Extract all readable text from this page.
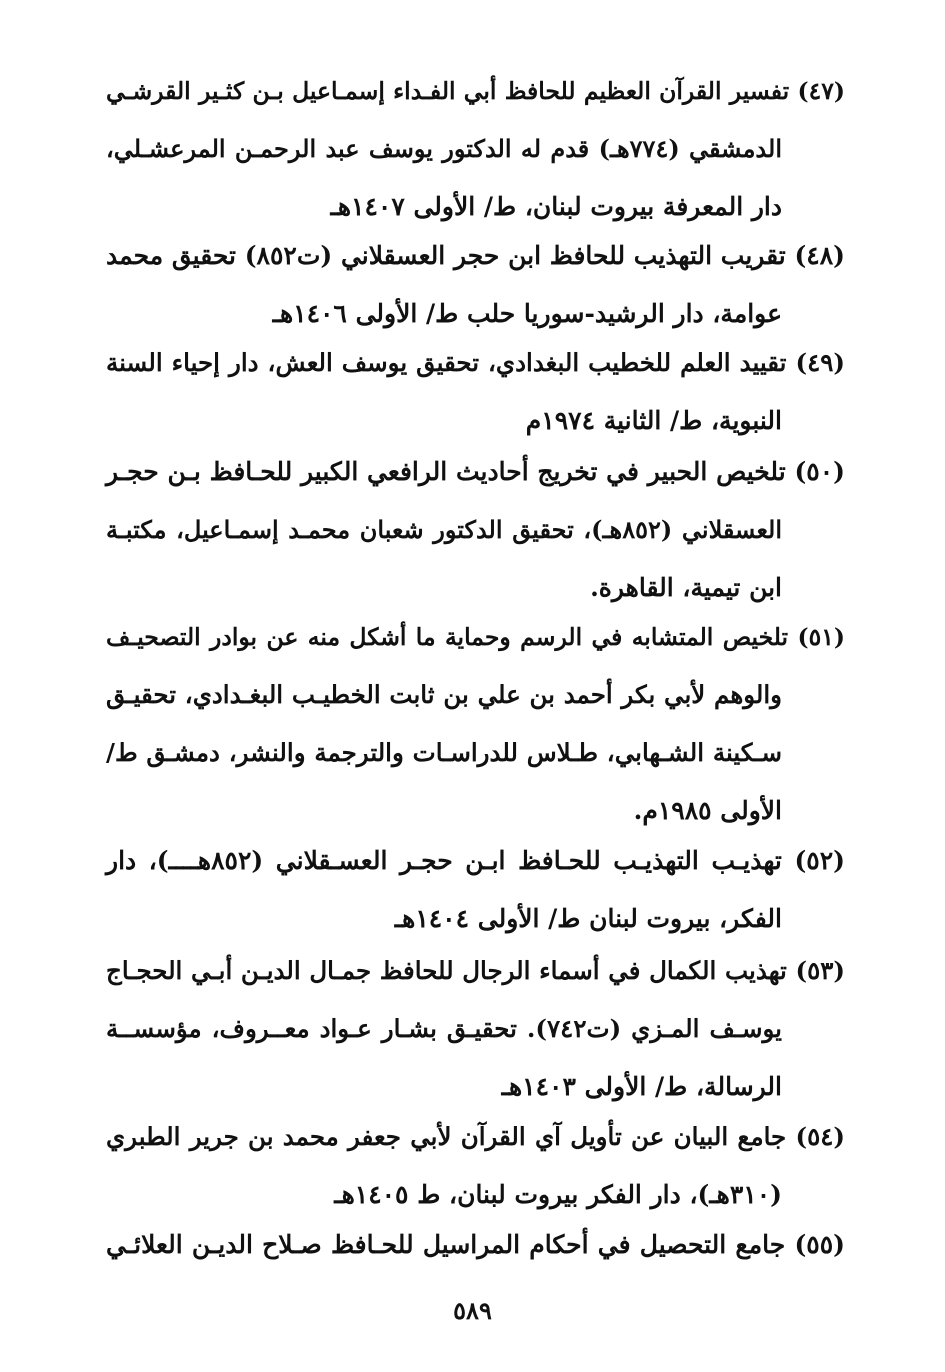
(٤٧) تفسير القرآن العظيم للحافظ أبي الفـداء إسمـاعيل بـن كثـير القرشـي
الدمشقي (٧٧٤هـ) قدم له الدكتور يوسف عبد الرحمـن المرعشـلي،
دار المعرفة بيروت لبنان، ط/ الأولى ١٤٠٧هـ
(٤٨) تقريب التهذيب للحافظ ابن حجر العسقلاني (ت٨٥٢) تحقيق محمد
عوامة، دار الرشيد-سوريا حلب ط/ الأولى ١٤٠٦هـ
(٤٩) تقييد العلم للخطيب البغدادي، تحقيق يوسف العش، دار إحياء السنة
النبوية، ط/ الثانية ١٩٧٤م
(٥٠) تلخيص الحبير في تخريج أحاديث الرافعي الكبير للحـافظ بـن حجـر
العسقلاني (٨٥٢هـ)، تحقيق الدكتور شعبان محمـد إسمـاعيل، مكتبـة
ابن تيمية، القاهرة.
(٥١) تلخيص المتشابه في الرسم وحماية ما أشكل منه عن بوادر التصحيـف
والوهم لأبي بكر أحمد بن علي بن ثابت الخطيـب البغـدادي، تحقيـق
سـكينة الشـهابي، طـلاس للدراسـات والترجمة والنشر، دمشـق ط/
الأولى ١٩٨٥م.
(٥٢) تهذيـب التهذيـب للحـافظ ابـن حجـر العسـقلاني (٨٥٢هــــ)، دار
الفكر، بيروت لبنان ط/ الأولى ١٤٠٤هـ
(٥٣) تهذيب الكمال في أسماء الرجال للحافظ جمـال الديـن أبـي الحجـاج
يوسـف المـزي (ت٧٤٢). تحقيـق بشـار عـواد معــروف، مؤسســة
الرسالة، ط/ الأولى ١٤٠٣هـ
(٥٤) جامع البيان عن تأويل آي القرآن لأبي جعفر محمد بن جرير الطبري
(٣١٠هـ)، دار الفكر بيروت لبنان، ط ١٤٠٥هـ
(٥٥) جامع التحصيل في أحكام المراسيل للحـافظ صـلاح الديـن العلائـي
٥٨٩
